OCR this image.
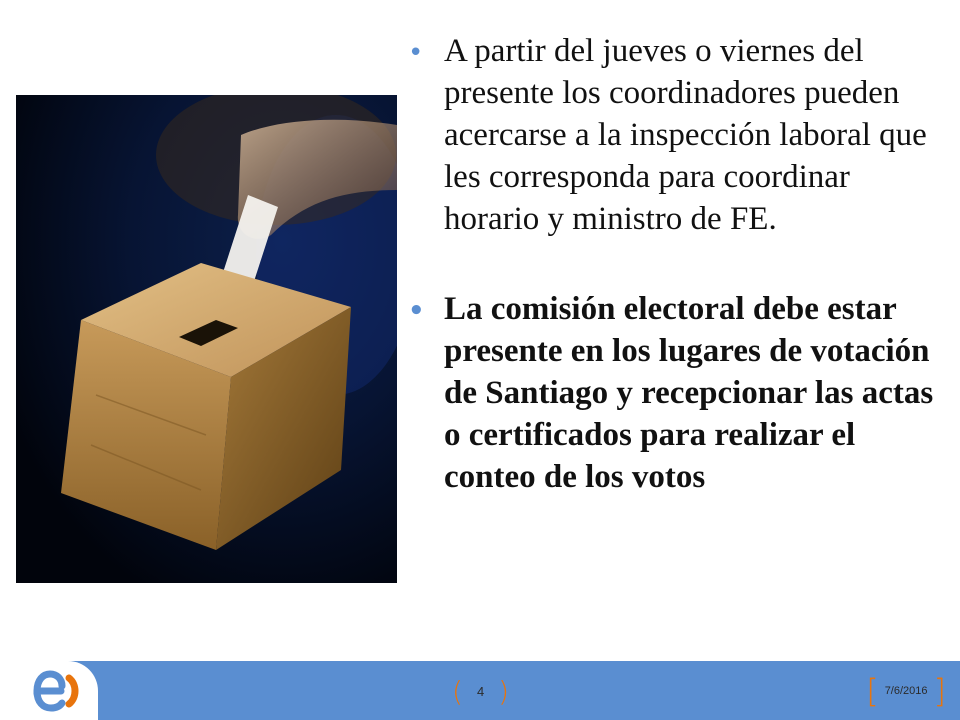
• A partir del jueves o viernes del presente los coordinadores pueden acercarse a la inspección laboral que les corresponda para coordinar horario y ministro de FE.

• La comisión electoral debe estar presente en los lugares de votación de Santiago y recepcionar las actas o certificados para realizar el conteo de los votos

( 4 )	[ 7/6/2016 ]
